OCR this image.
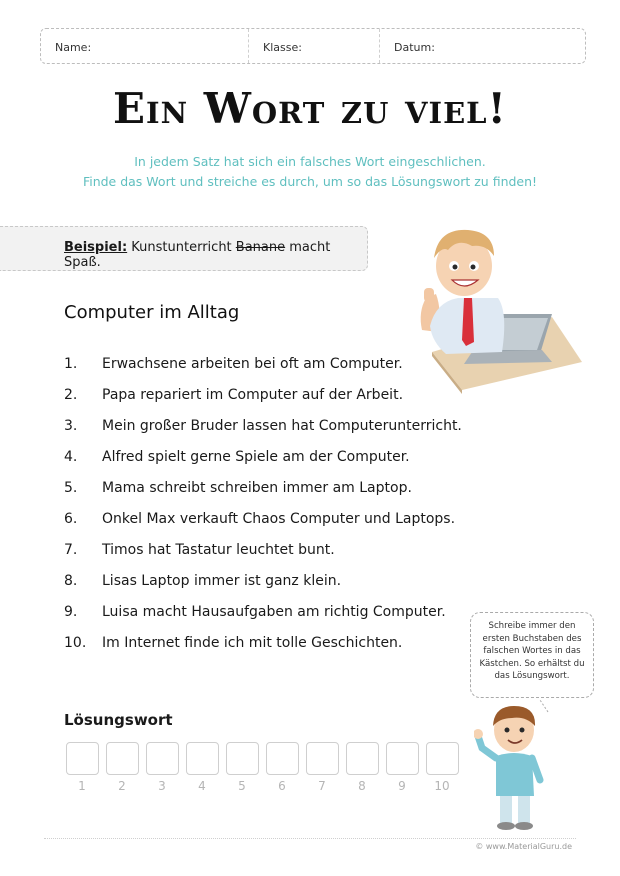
Name:	Klasse:	Datum:
Ein Wort zu viel!
In jedem Satz hat sich ein falsches Wort eingeschlichen.
Finde das Wort und streiche es durch, um so das Lösungswort zu finden!
Beispiel: Kunstunterricht Banane macht Spaß.
Computer im Alltag
1.	Erwachsene arbeiten bei oft am Computer.
2.	Papa repariert im Computer auf der Arbeit.
3.	Mein großer Bruder lassen hat Computerunterricht.
4.	Alfred spielt gerne Spiele am der Computer.
5.	Mama schreibt schreiben immer am Laptop.
6.	Onkel Max verkauft Chaos Computer und Laptops.
7.	Timos hat Tastatur leuchtet bunt.
8.	Lisas Laptop immer ist ganz klein.
9.	Luisa macht Hausaufgaben am richtig Computer.
10.	Im Internet finde ich mit tolle Geschichten.
Lösungswort
1	2	3	4	5	6	7	8	9 10
Schreibe immer den ersten Buchstaben des falschen Wortes in das Kästchen. So erhältst du das Lösungswort.
© www.MaterialGuru.de
